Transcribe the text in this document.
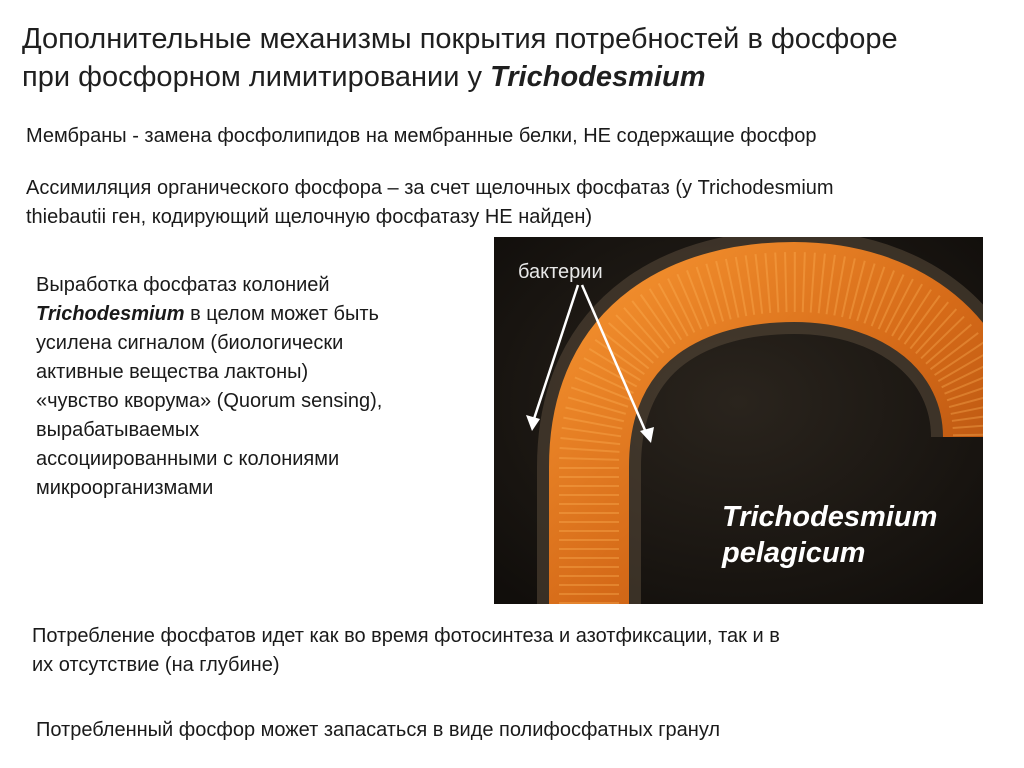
Дополнительные механизмы покрытия потребностей в фосфоре
при фосфорном лимитировании у Trichodesmium

Мембраны - замена фосфолипидов на мембранные белки, НЕ содержащие фосфор

Ассимиляция органического фосфора – за счет щелочных фосфатаз (у Trichodesmium
thiebautii ген, кодирующий щелочную фосфатазу НЕ найден)

Выработка фосфатаз колонией
Trichodesmium в целом может быть
усилена сигналом (биологически
активные вещества лактоны)
«чувство кворума» (Quorum sensing),
вырабатываемых
ассоциированными с колониями
микроорганизмами

бактерии
Trichodesmium
pelagicum

Потребление фосфатов идет как во время фотосинтеза и азотфиксации, так и в
их отсутствие (на глубине)

Потребленный фосфор может запасаться в виде полифосфатных гранул
